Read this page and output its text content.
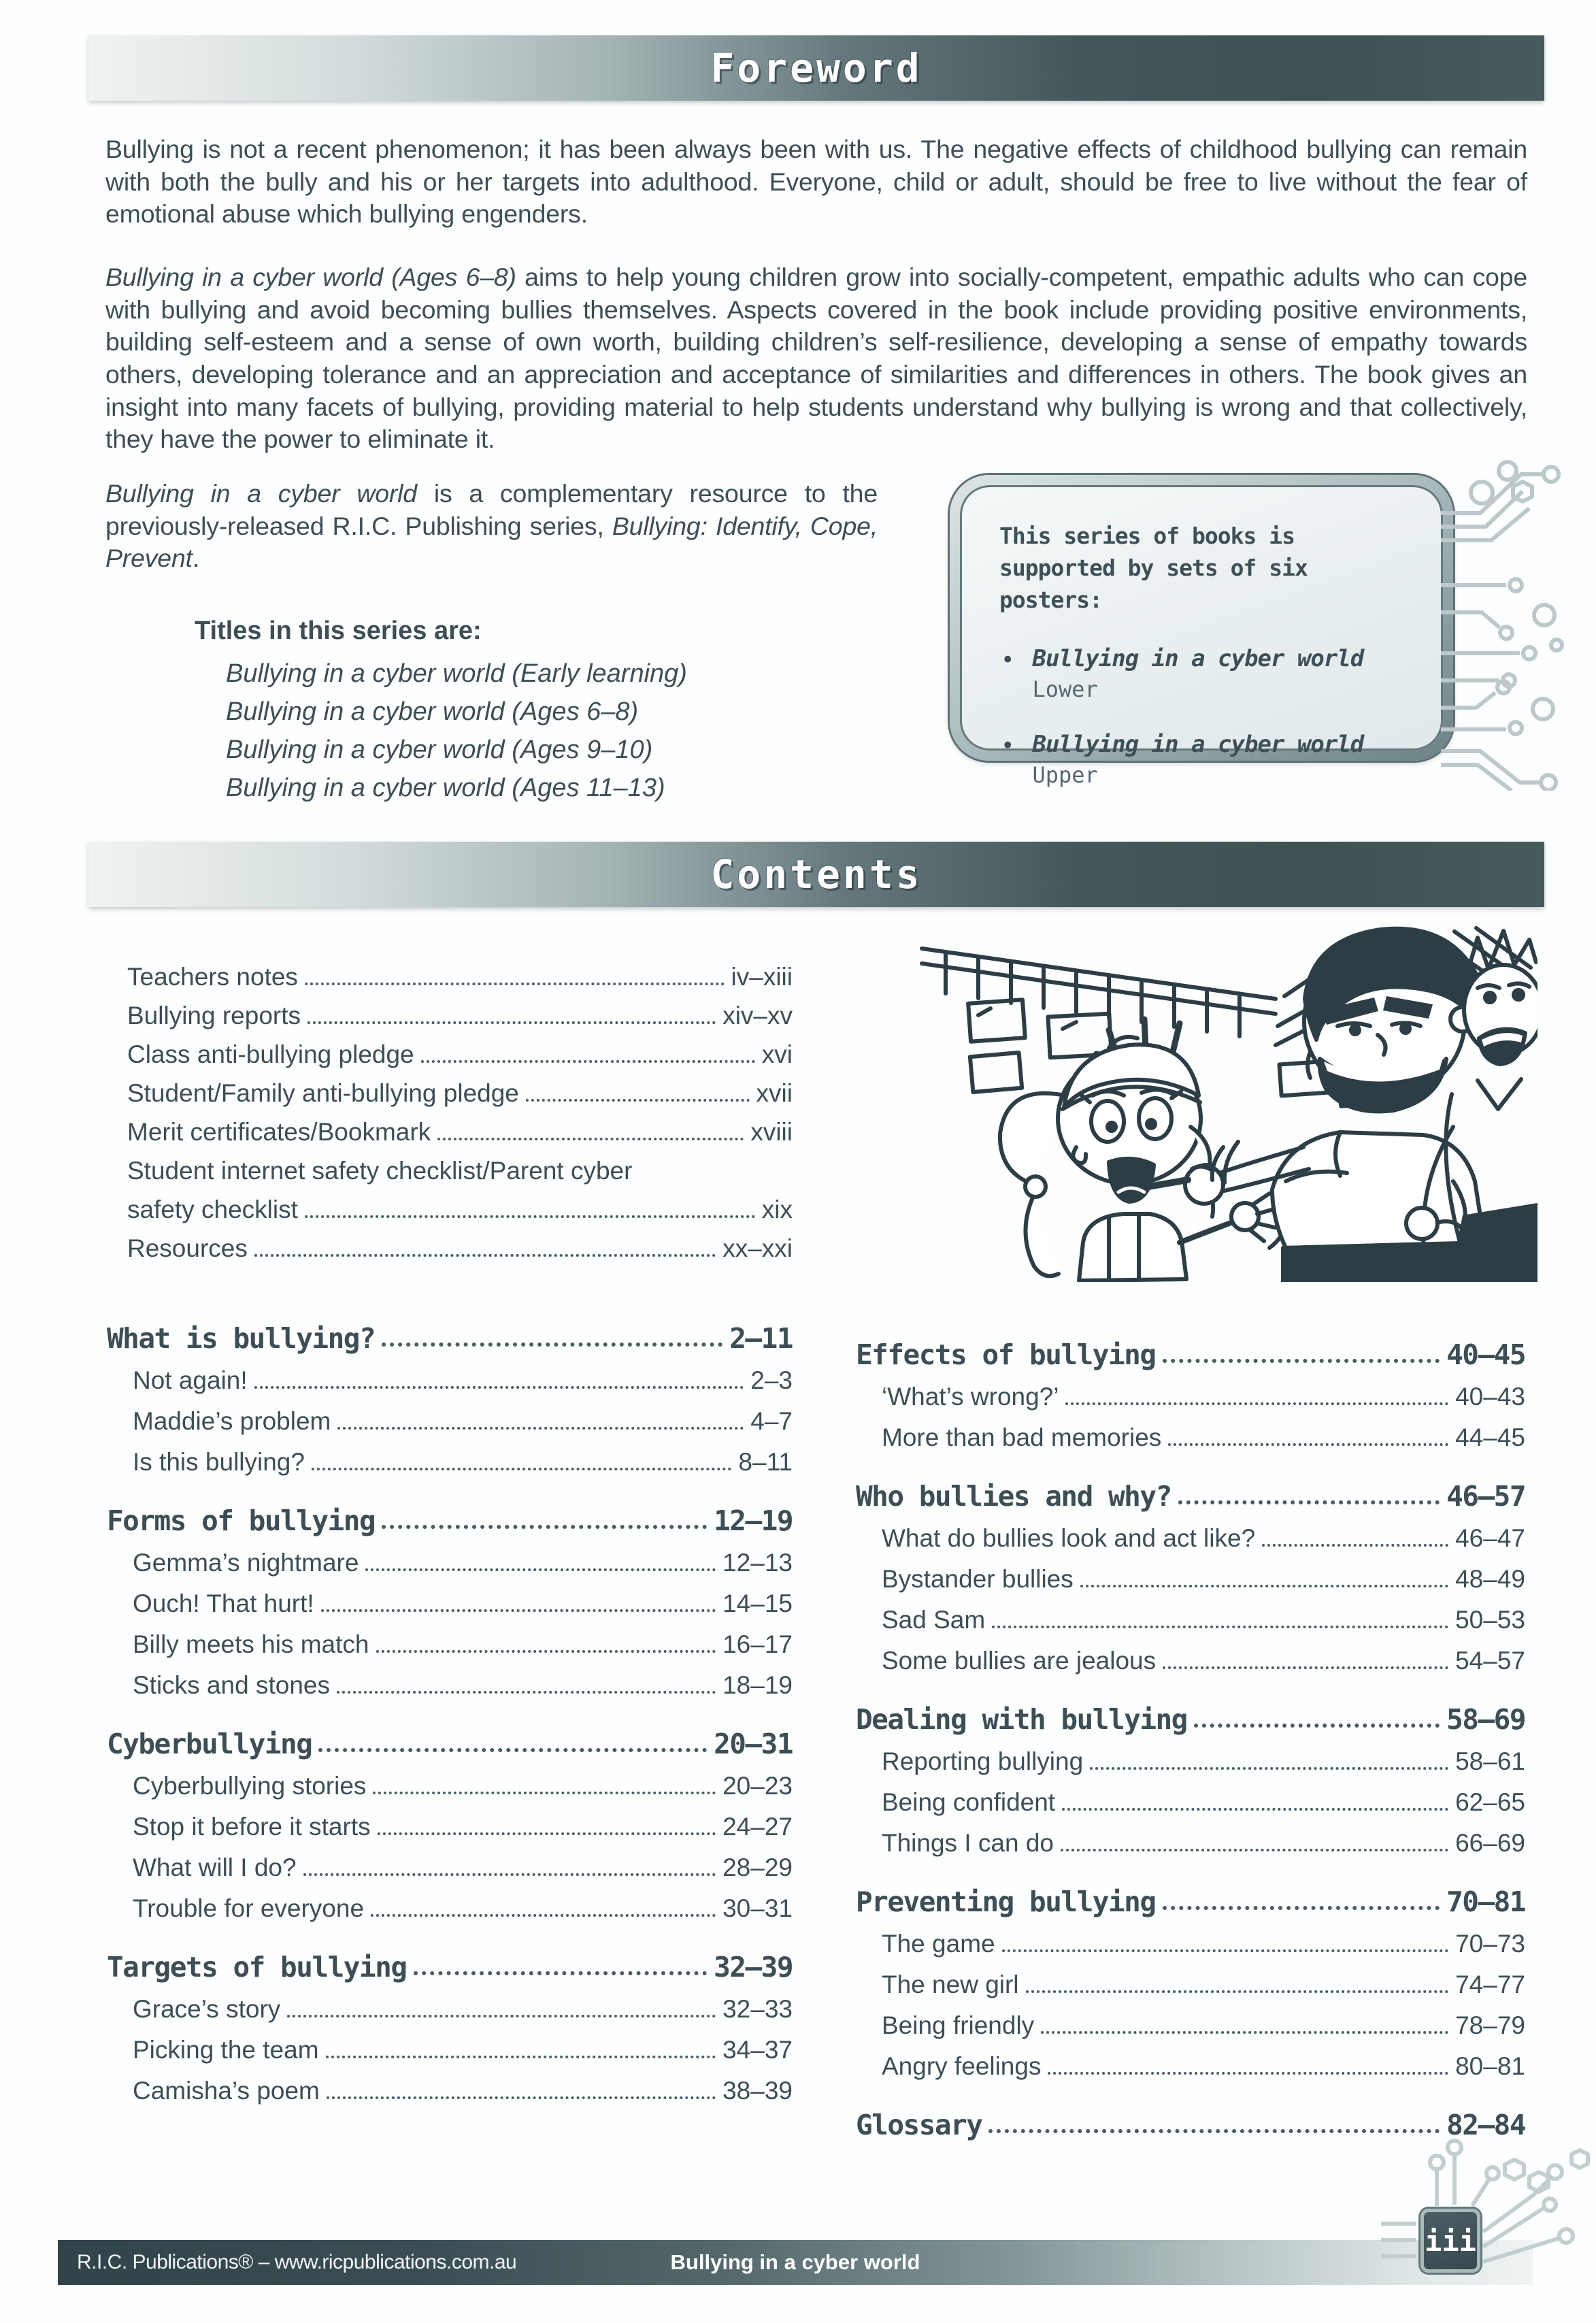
Foreword

Bullying is not a recent phenomenon; it has been always been with us. The negative effects of childhood bullying can remain with both the bully and his or her targets into adulthood. Everyone, child or adult, should be free to live without the fear of emotional abuse which bullying engenders.

Bullying in a cyber world (Ages 6–8) aims to help young children grow into socially-competent, empathic adults who can cope with bullying and avoid becoming bullies themselves. Aspects covered in the book include providing positive environments, building self-esteem and a sense of own worth, building children’s self-resilience, developing a sense of empathy towards others, developing tolerance and an appreciation and acceptance of similarities and differences in others. The book gives an insight into many facets of bullying, providing material to help students understand why bullying is wrong and that collectively, they have the power to eliminate it.

Bullying in a cyber world is a complementary resource to the previously-released R.I.C. Publishing series, Bullying: Identify, Cope, Prevent.

Titles in this series are:
Bullying in a cyber world (Early learning)
Bullying in a cyber world (Ages 6–8)
Bullying in a cyber world (Ages 9–10)
Bullying in a cyber world (Ages 11–13)
This series of books is supported by sets of six posters:
• Bullying in a cyber world
Lower
• Bullying in a cyber world
Upper
Contents
Teachers notes	iv–xiii
Bullying reports	xiv–xv
Class anti-bullying pledge	xvi
Student/Family anti-bullying pledge	xvii
Merit certificates/Bookmark	xviii
Student internet safety checklist/Parent cyber
safety checklist	xix
Resources	xx–xxi
What is bullying?	2–11
Not again!	2–3
Maddie’s problem	4–7
Is this bullying?	8–11
Forms of bullying	12–19
Gemma’s nightmare	12–13
Ouch! That hurt!	14–15
Billy meets his match	16–17
Sticks and stones	18–19
Cyberbullying	20–31
Cyberbullying stories	20–23
Stop it before it starts	24–27
What will I do?	28–29
Trouble for everyone	30–31
Targets of bullying	32–39
Grace’s story	32–33
Picking the team	34–37
Camisha’s poem	38–39
Effects of bullying	40–45
‘What’s wrong?’	40–43
More than bad memories	44–45
Who bullies and why?	46–57
What do bullies look and act like?	46–47
Bystander bullies	48–49
Sad Sam	50–53
Some bullies are jealous	54–57
Dealing with bullying	58–69
Reporting bullying	58–61
Being confident	62–65
Things I can do	66–69
Preventing bullying	70–81
The game	70–73
The new girl	74–77
Being friendly	78–79
Angry feelings	80–81
Glossary	82–84
R.I.C. Publications® – www.ricpublications.com.au	Bullying in a cyber world
iii
